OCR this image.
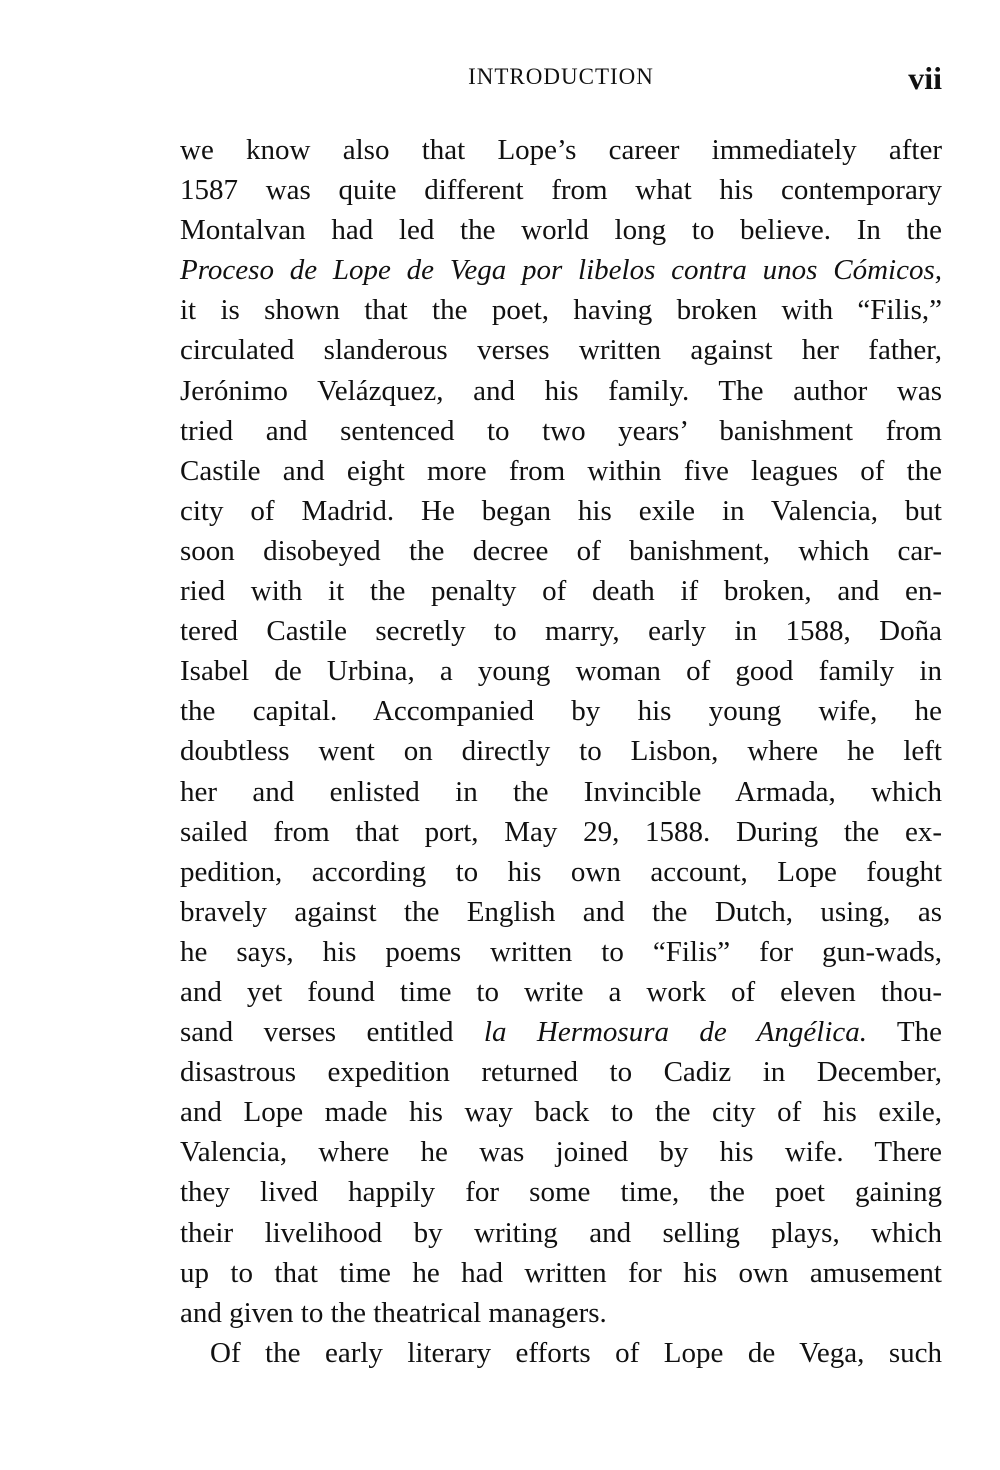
INTRODUCTION	vii
we know also that Lope’s career immediately after
1587 was quite different from what his contemporary
Montalvan had led the world long to believe. In the
Proceso de Lope de Vega por libelos contra unos Cómicos,
it is shown that the poet, having broken with “Filis,”
circulated slanderous verses written against her father,
Jerónimo Velázquez, and his family. The author was
tried and sentenced to two years’ banishment from
Castile and eight more from within five leagues of the
city of Madrid. He began his exile in Valencia, but
soon disobeyed the decree of banishment, which car-
ried with it the penalty of death if broken, and en-
tered Castile secretly to marry, early in 1588, Doña
Isabel de Urbina, a young woman of good family in
the capital. Accompanied by his young wife, he
doubtless went on directly to Lisbon, where he left
her and enlisted in the Invincible Armada, which
sailed from that port, May 29, 1588. During the ex-
pedition, according to his own account, Lope fought
bravely against the English and the Dutch, using, as
he says, his poems written to “Filis” for gun-wads,
and yet found time to write a work of eleven thou-
sand verses entitled la Hermosura de Angélica. The
disastrous expedition returned to Cadiz in December,
and Lope made his way back to the city of his exile,
Valencia, where he was joined by his wife. There
they lived happily for some time, the poet gaining
their livelihood by writing and selling plays, which
up to that time he had written for his own amusement
and given to the theatrical managers.
Of the early literary efforts of Lope de Vega, such
